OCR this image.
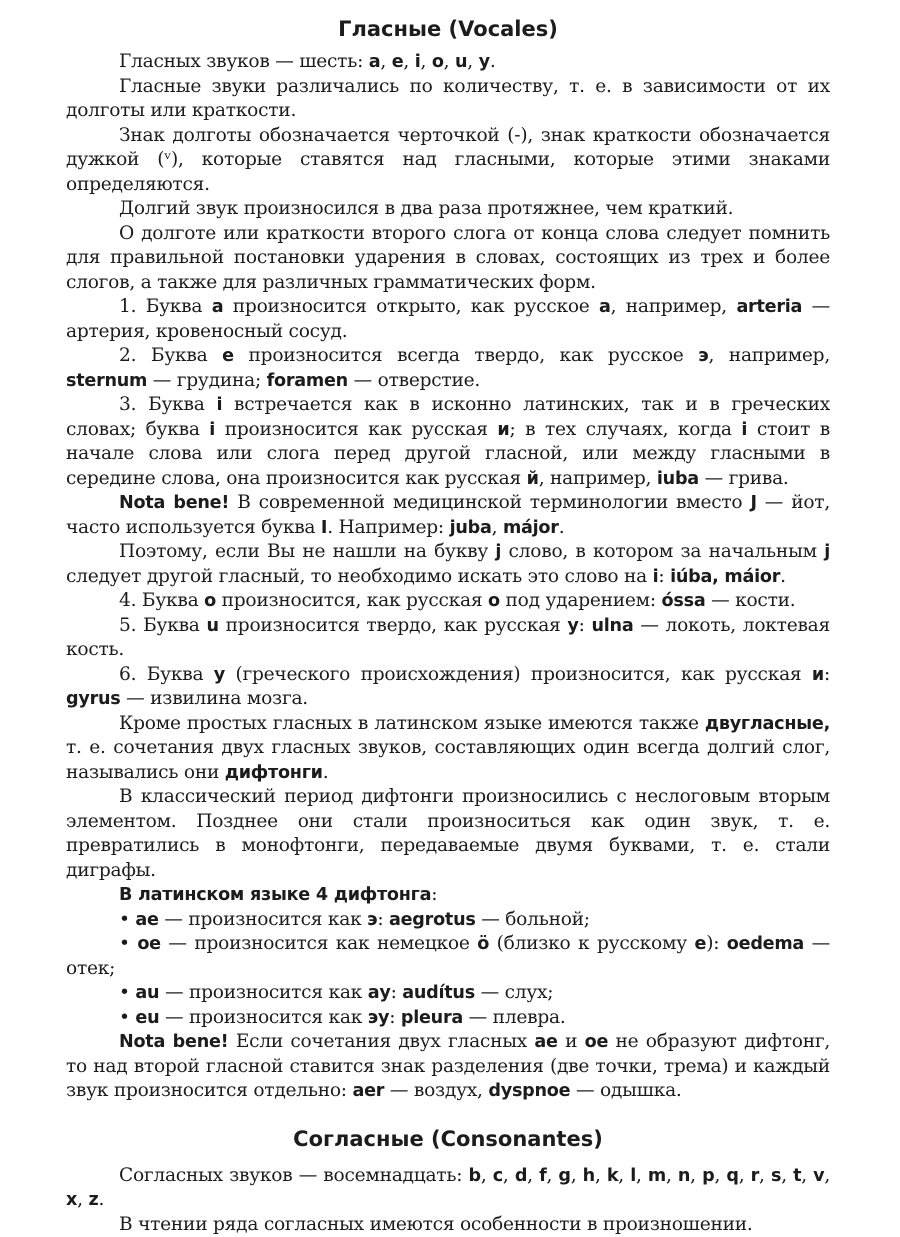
Гласные (Vocales)

Гласных звуков — шесть: a, e, i, o, u, y.

Гласные звуки различались по количеству, т. е. в зависимости от их долготы или краткости.

Знак долготы обозначается черточкой (-), знак краткости обозначается дужкой (ᵛ), которые ставятся над гласными, которые этими знаками определяются.

Долгий звук произносился в два раза протяжнее, чем краткий.

О долготе или краткости второго слога от конца слова следует помнить для правильной постановки ударения в словах, состоящих из трех и более слогов, а также для различных грамматических форм.

1. Буква а произносится открыто, как русское а, например, arteria — артерия, кровеносный сосуд.

2. Буква е произносится всегда твердо, как русское э, например, sternum — грудина; foramen — отверстие.

3. Буква i встречается как в исконно латинских, так и в греческих словах; буква i произносится как русская и; в тех случаях, когда i стоит в начале слова или слога перед другой гласной, или между гласными в середине слова, она произносится как русская й, например, iuba — грива.

Nota bene! В современной медицинской терминологии вместо J — йот, часто используется буква I. Например: juba, májor.

Поэтому, если Вы не нашли на букву j слово, в котором за начальным j следует другой гласный, то необходимо искать это слово на i: iúba, máior.

4. Буква o произносится, как русская o под ударением: óssa — кости.

5. Буква u произносится твердо, как русская у: ulna — локоть, локтевая кость.

6. Буква y (греческого происхождения) произносится, как русская и: gyrus — извилина мозга.

Кроме простых гласных в латинском языке имеются также двугласные, т. е. сочетания двух гласных звуков, составляющих один всегда долгий слог, назывались они дифтонги.

В классический период дифтонги произносились с неслоговым вторым элементом. Позднее они стали произноситься как один звук, т. е. превратились в монофтонги, передаваемые двумя буквами, т. е. стали диграфы.

В латинском языке 4 дифтонга:

• ae — произносится как э: aegrotus — больной;

• oe — произносится как немецкое ö (близко к русскому е): oedema — отек;

• au — произносится как ау: audítus — слух;

• eu — произносится как эу: pleura — плевра.

Nota bene! Если сочетания двух гласных ae и oe не образуют дифтонг, то над второй гласной ставится знак разделения (две точки, трема) и каждый звук произносится отдельно: aer — воздух, dyspnoe — одышка.

Согласные (Consonantes)

Согласных звуков — восемнадцать: b, c, d, f, g, h, k, l, m, n, p, q, r, s, t, v, x, z.

В чтении ряда согласных имеются особенности в произношении.
